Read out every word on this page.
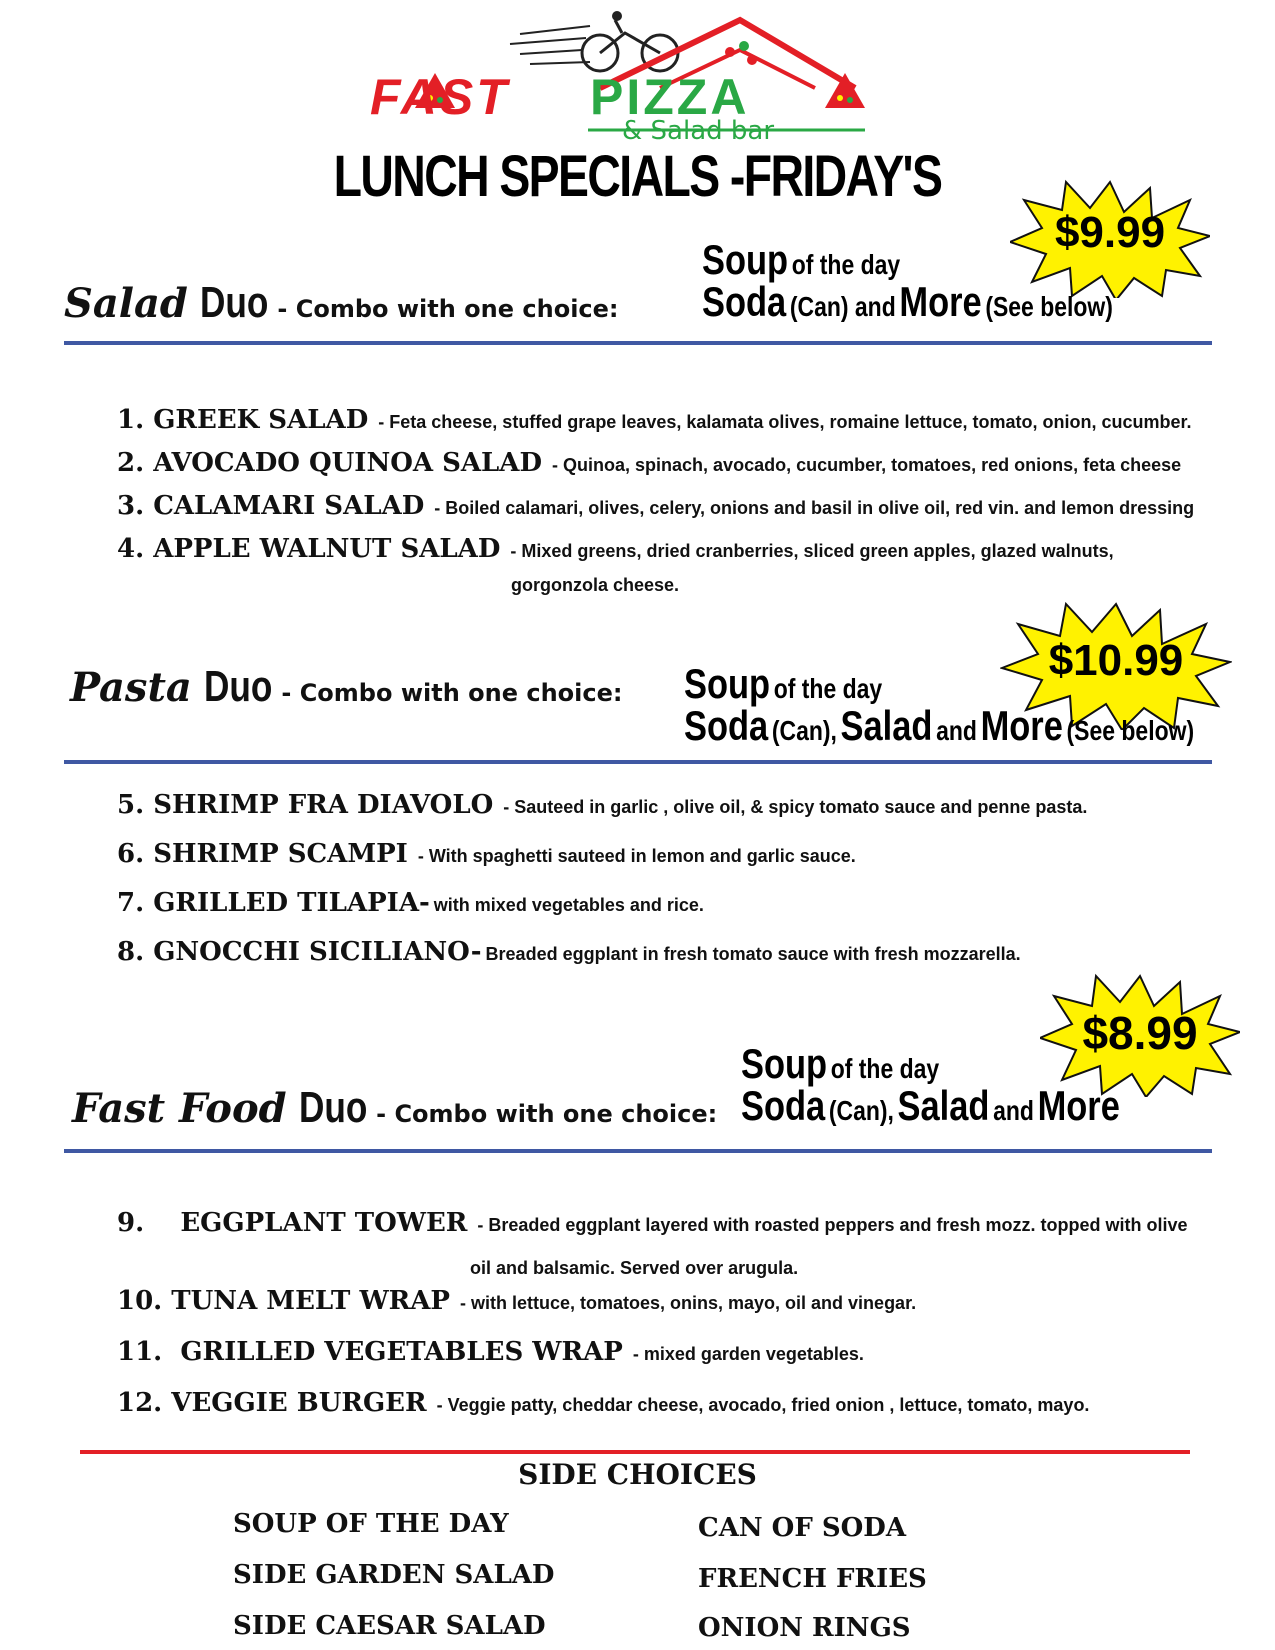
FAST PIZZA
& Salad bar
LUNCH SPECIALS -FRIDAY'S
$9.99
Salad Duo - Combo with one choice:
Soup of the day
Soda (Can) and More (See below)
1. GREEK SALAD - Feta cheese, stuffed grape leaves, kalamata olives, romaine lettuce, tomato, onion, cucumber.
2. AVOCADO QUINOA SALAD - Quinoa, spinach, avocado, cucumber, tomatoes, red onions, feta cheese
3. CALAMARI SALAD - Boiled calamari, olives, celery, onions and basil in olive oil, red vin. and lemon dressing
4. APPLE WALNUT SALAD - Mixed greens, dried cranberries, sliced green apples, glazed walnuts,
gorgonzola cheese.
$10.99
Pasta Duo - Combo with one choice: Soup of the day
Soda (Can), Salad and More (See below)
5. SHRIMP FRA DIAVOLO - Sauteed in garlic , olive oil, & spicy tomato sauce and penne pasta.
6. SHRIMP SCAMPI - With spaghetti sauteed in lemon and garlic sauce.
7. GRILLED TILAPIA- with mixed vegetables and rice.
8. GNOCCHI SICILIANO- Breaded eggplant in fresh tomato sauce with fresh mozzarella.
$8.99
Fast Food Duo - Combo with one choice:
Soup of the day
Soda (Can), Salad and More
9.    EGGPLANT TOWER - Breaded eggplant layered with roasted peppers and fresh mozz. topped with olive
oil and balsamic. Served over arugula.
10. TUNA MELT WRAP - with lettuce, tomatoes, onins, mayo, oil and vinegar.
11.  GRILLED VEGETABLES WRAP - mixed garden vegetables.
12. VEGGIE BURGER - Veggie patty, cheddar cheese, avocado, fried onion , lettuce, tomato, mayo.
SIDE CHOICES
SOUP OF THE DAY
SIDE GARDEN SALAD
SIDE CAESAR SALAD
CAN OF SODA
FRENCH FRIES
ONION RINGS
